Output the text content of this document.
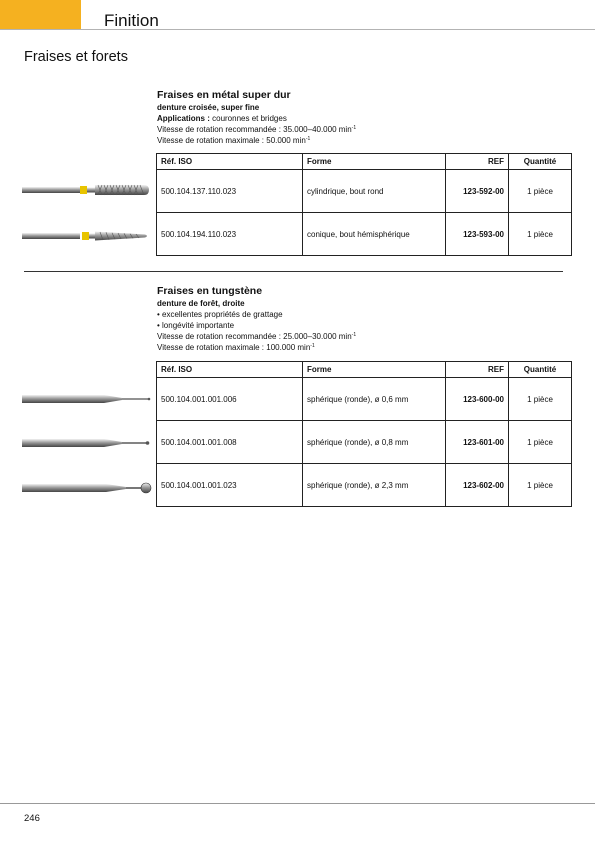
Finition
Fraises et forets

Fraises en métal super dur

denture croisée, super fine

Applications : couronnes et bridges

Vitesse de rotation recommandée : 35.000–40.000 $\min^{-1}$

Vitesse de rotation maximale : 50.000 $\min^{-1}$

Réf. ISO	Forme	REF	Quantité
500.104.137.110.023	cylindrique, bout rond	123-592-00	1 pièce
500.104.194.110.023	conique, bout hémisphérique	123-593-00	1 pièce

Fraises en tungstène

denture de forêt, droite

• excellentes propriétés de grattage

• longévité importante

Vitesse de rotation recommandée : 25.000–30.000 $\min^{-1}$

Vitesse de rotation maximale : 100.000 $\min^{-1}$

Réf. ISO	Forme	REF	Quantité
500.104.001.001.006	sphérique (ronde), ø 0,6 mm	123-600-00	1 pièce
500.104.001.001.008	sphérique (ronde), ø 0,8 mm	123-601-00	1 pièce
500.104.001.001.023	sphérique (ronde), ø 2,3 mm	123-602-00	1 pièce
246
